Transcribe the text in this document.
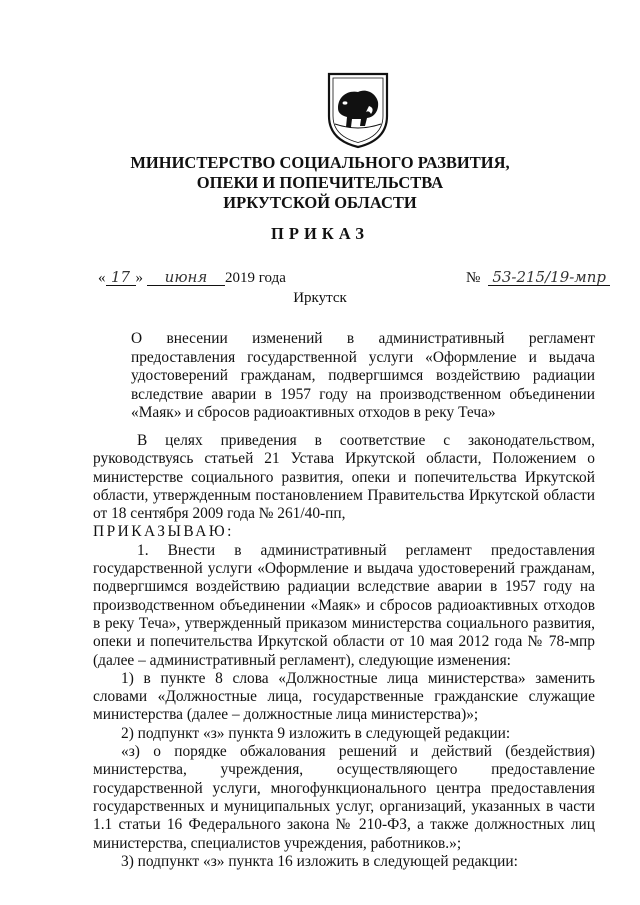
МИНИСТЕРСТВО СОЦИАЛЬНОГО РАЗВИТИЯ,
ОПЕКИ И ПОПЕЧИТЕЛЬСТВА
ИРКУТСКОЙ ОБЛАСТИ
ПРИКАЗ
« 17 » июня 2019 года	№ 53-215/19-мпр
Иркутск
О внесении изменений в административный регламент предоставления государственной услуги «Оформление и выдача удостоверений гражданам, подвергшимся воздействию радиации вследствие аварии в 1957 году на производственном объединении «Маяк» и сбросов радиоактивных отходов в реку Теча»

В целях приведения в соответствие с законодательством, руководствуясь статьей 21 Устава Иркутской области, Положением о министерстве социального развития, опеки и попечительства Иркутской области, утвержденным постановлением Правительства Иркутской области от 18 сентября 2009 года № 261/40-пп,

ПРИКАЗЫВАЮ:

1. Внести в административный регламент предоставления государственной услуги «Оформление и выдача удостоверений гражданам, подвергшимся воздействию радиации вследствие аварии в 1957 году на производственном объединении «Маяк» и сбросов радиоактивных отходов в реку Теча», утвержденный приказом министерства социального развития, опеки и попечительства Иркутской области от 10 мая 2012 года № 78-мпр (далее – административный регламент), следующие изменения:

1) в пункте 8 слова «Должностные лица министерства» заменить словами «Должностные лица, государственные гражданские служащие министерства (далее – должностные лица министерства)»;

2) подпункт «з» пункта 9 изложить в следующей редакции:

«з) о порядке обжалования решений и действий (бездействия) министерства, учреждения, осуществляющего предоставление государственной услуги, многофункционального центра предоставления государственных и муниципальных услуг, организаций, указанных в части 1.1 статьи 16 Федерального закона № 210-ФЗ, а также должностных лиц министерства, специалистов учреждения, работников.»;

3) подпункт «з» пункта 16 изложить в следующей редакции:
